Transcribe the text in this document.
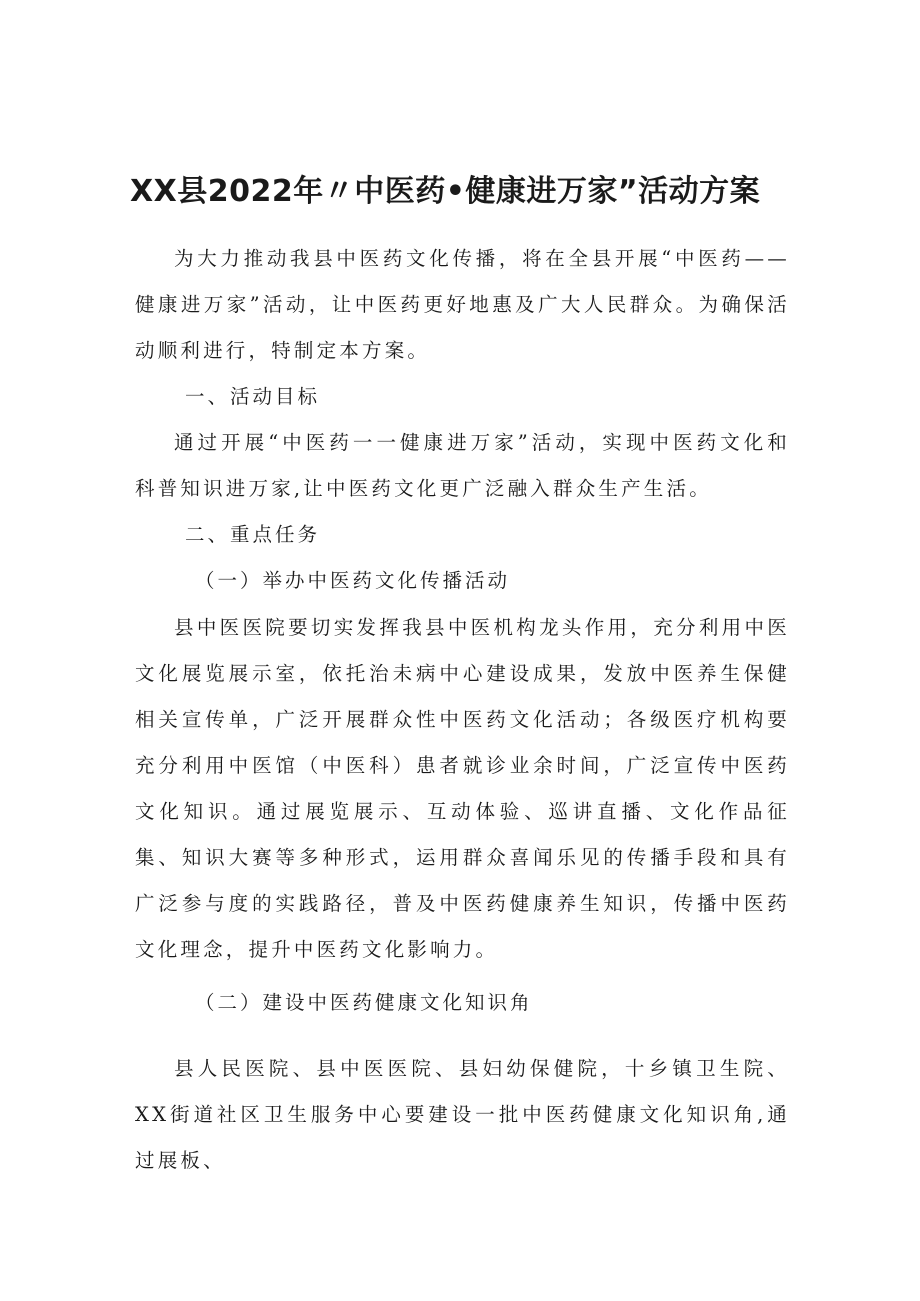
XX县2022年〃中医药•健康进万家”活动方案

为大力推动我县中医药文化传播，将在全县开展“中医药——健康进万家”活动，让中医药更好地惠及广大人民群众。为确保活动顺利进行，特制定本方案。

一、活动目标

通过开展“中医药一一健康进万家”活动，实现中医药文化和科普知识进万家,让中医药文化更广泛融入群众生产生活。

二、重点任务

（一）举办中医药文化传播活动

县中医医院要切实发挥我县中医机构龙头作用，充分利用中医文化展览展示室，依托治未病中心建设成果，发放中医养生保健相关宣传单，广泛开展群众性中医药文化活动；各级医疗机构要充分利用中医馆（中医科）患者就诊业余时间，广泛宣传中医药文化知识。通过展览展示、互动体验、巡讲直播、文化作品征集、知识大赛等多种形式，运用群众喜闻乐见的传播手段和具有广泛参与度的实践路径，普及中医药健康养生知识，传播中医药文化理念，提升中医药文化影响力。

（二）建设中医药健康文化知识角

县人民医院、县中医医院、县妇幼保健院，十乡镇卫生院、XX街道社区卫生服务中心要建设一批中医药健康文化知识角,通过展板、
